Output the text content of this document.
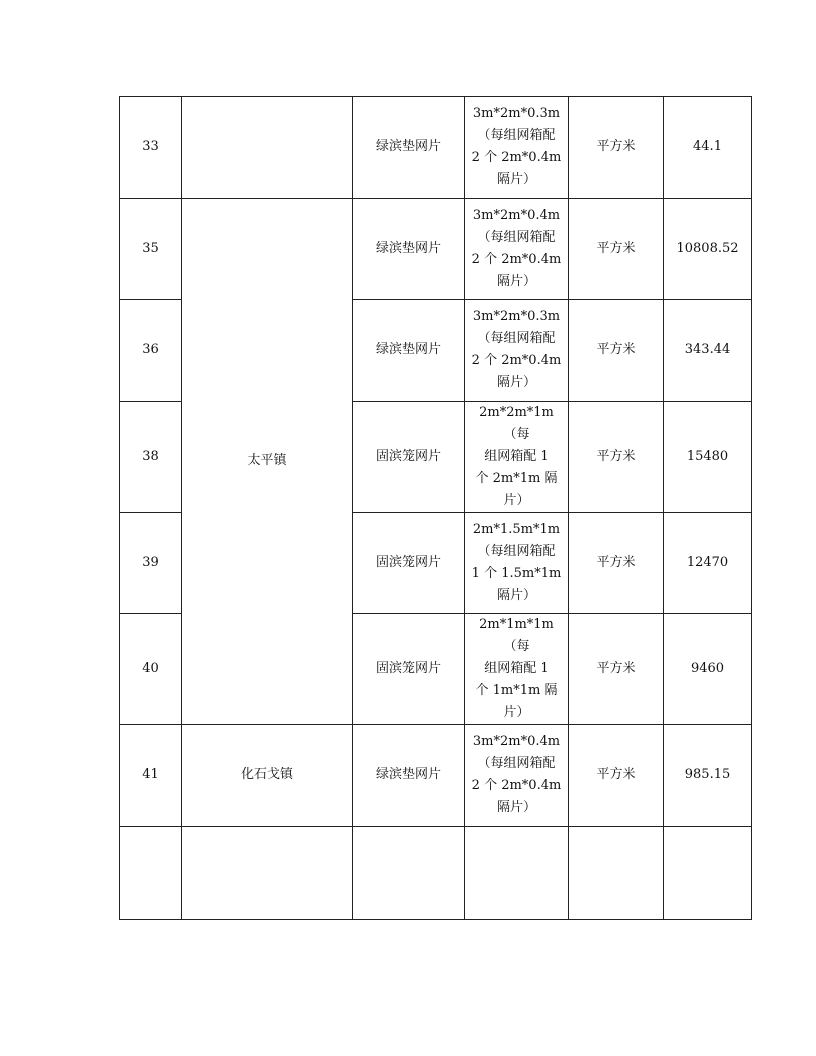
33		绿滨垫网片	3m*2m*0.3m
（每组网箱配
2 个 2m*0.4m
隔片）	平方米	44.1
35	太平镇	绿滨垫网片	3m*2m*0.4m
（每组网箱配
2 个 2m*0.4m
隔片）	平方米	10808.52
36		绿滨垫网片	3m*2m*0.3m
（每组网箱配
2 个 2m*0.4m
隔片）	平方米	343.44
38		固滨笼网片	2m*2m*1m（每
组网箱配 1
个 2m*1m 隔
片）	平方米	15480
39		固滨笼网片	2m*1.5m*1m
（每组网箱配
1 个 1.5m*1m
隔片）	平方米	12470
40		固滨笼网片	2m*1m*1m（每
组网箱配 1
个 1m*1m 隔
片）	平方米	9460
41	化石戈镇	绿滨垫网片	3m*2m*0.4m
（每组网箱配
2 个 2m*0.4m
隔片）	平方米	985.15
